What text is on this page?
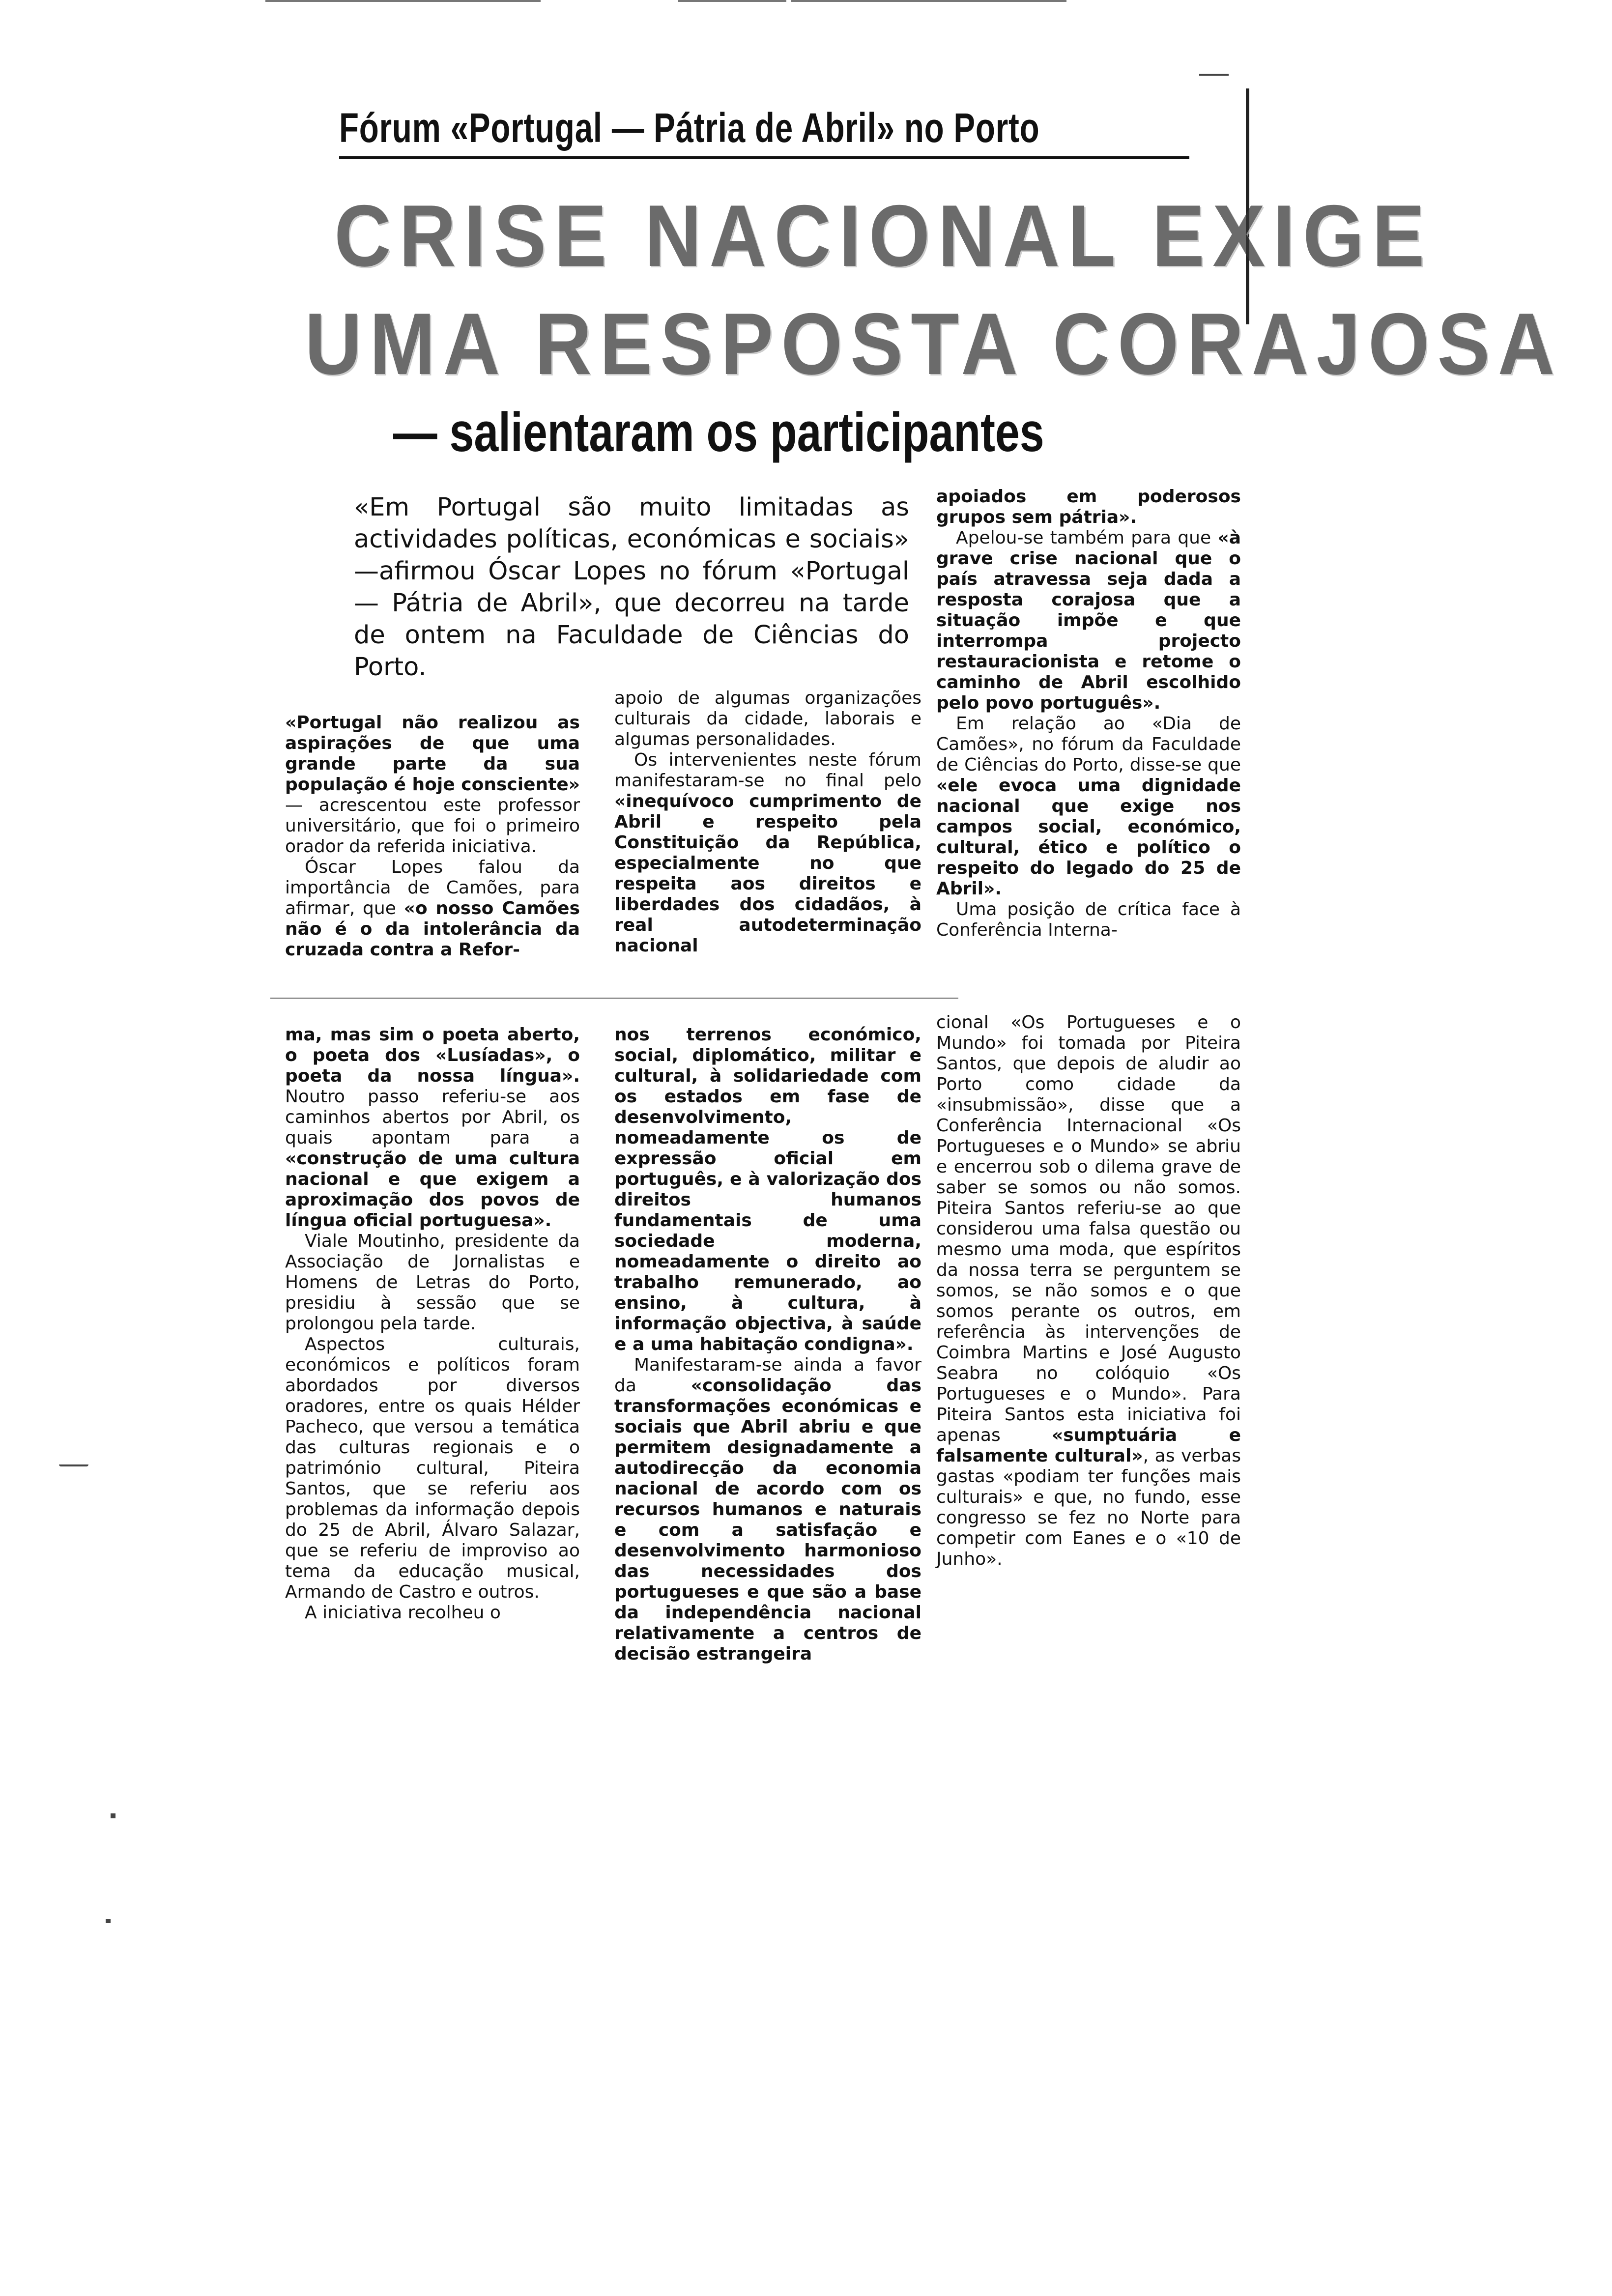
Fórum «Portugal — Pátria de Abril» no Porto
CRISE NACIONAL EXIGE
UMA RESPOSTA CORAJOSA
— salientaram os participantes

«Em Portugal são muito limitadas as actividades políticas, económicas e sociais» —afirmou Óscar Lopes no fórum «Portugal — Pátria de Abril», que decorreu na tarde de ontem na Faculdade de Ciências do Porto.

«Portugal não realizou as aspirações de que uma grande parte da sua população é hoje consciente» — acrescentou este professor universitário, que foi o primeiro orador da referida iniciativa.

Óscar Lopes falou da importância de Camões, para afirmar, que «o nosso Camões não é o da intolerância da cruzada contra a Refor-

ma, mas sim o poeta aberto, o poeta dos «Lusíadas», o poeta da nossa língua». Noutro passo referiu-se aos caminhos abertos por Abril, os quais apontam para a «construção de uma cultura nacional e que exigem a aproximação dos povos de língua oficial portuguesa».

Viale Moutinho, presidente da Associação de Jornalistas e Homens de Letras do Porto, presidiu à sessão que se prolongou pela tarde.

Aspectos culturais, económicos e políticos foram abordados por diversos oradores, entre os quais Hélder Pacheco, que versou a temática das culturas regionais e o património cultural, Piteira Santos, que se referiu aos problemas da informação depois do 25 de Abril, Álvaro Salazar, que se referiu de improviso ao tema da educação musical, Armando de Castro e outros.

A iniciativa recolheu o

apoio de algumas organizações culturais da cidade, laborais e algumas personalidades.

Os intervenientes neste fórum manifestaram-se no final pelo «inequívoco cumprimento de Abril e respeito pela Constituição da República, especialmente no que respeita aos direitos e liberdades dos cidadãos, à real autodeterminação nacional

nos terrenos económico, social, diplomático, militar e cultural, à solidariedade com os estados em fase de desenvolvimento, nomeadamente os de expressão oficial em português, e à valorização dos direitos humanos fundamentais de uma sociedade moderna, nomeadamente o direito ao trabalho remunerado, ao ensino, à cultura, à informação objectiva, à saúde e a uma habitação condigna».

Manifestaram-se ainda a favor da «consolidação das transformações económicas e sociais que Abril abriu e que permitem designadamente a autodirecção da economia nacional de acordo com os recursos humanos e naturais e com a satisfação e desenvolvimento harmonioso das necessidades dos portugueses e que são a base da independência nacional relativamente a centros de decisão estrangeira

apoiados em poderosos grupos sem pátria».

Apelou-se também para que «à grave crise nacional que o país atravessa seja dada a resposta corajosa que a situação impõe e que interrompa projecto restauracionista e retome o caminho de Abril escolhido pelo povo português».

Em relação ao «Dia de Camões», no fórum da Faculdade de Ciências do Porto, disse-se que «ele evoca uma dignidade nacional que exige nos campos social, económico, cultural, ético e político o respeito do legado do 25 de Abril».

Uma posição de crítica face à Conferência Interna-

cional «Os Portugueses e o Mundo» foi tomada por Piteira Santos, que depois de aludir ao Porto como cidade da «insubmissão», disse que a Conferência Internacional «Os Portugueses e o Mundo» se abriu e encerrou sob o dilema grave de saber se somos ou não somos. Piteira Santos referiu-se ao que considerou uma falsa questão ou mesmo uma moda, que espíritos da nossa terra se perguntem se somos, se não somos e o que somos perante os outros, em referência às intervenções de Coimbra Martins e José Augusto Seabra no colóquio «Os Portugueses e o Mundo». Para Piteira Santos esta iniciativa foi apenas «sumptuária e falsamente cultural», as verbas gastas «podiam ter funções mais culturais» e que, no fundo, esse congresso se fez no Norte para competir com Eanes e o «10 de Junho».
